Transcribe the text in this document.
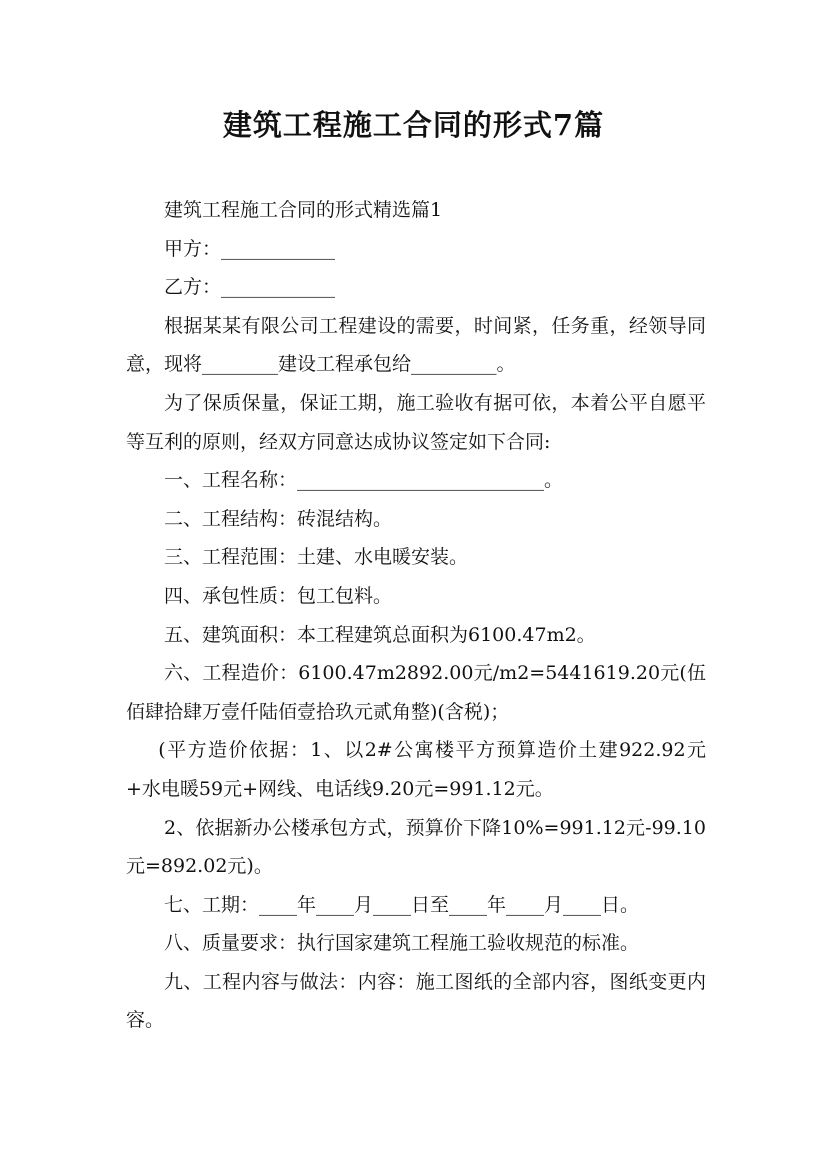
建筑工程施工合同的形式7篇

建筑工程施工合同的形式精选篇1

甲方：____________

乙方：____________

根据某某有限公司工程建设的需要，时间紧，任务重，经领导同意，现将________建设工程承包给_________。

为了保质保量，保证工期，施工验收有据可依，本着公平自愿平等互利的原则，经双方同意达成协议签定如下合同:

一、工程名称：__________________________。

二、工程结构：砖混结构。

三、工程范围：土建、水电暖安装。

四、承包性质：包工包料。

五、建筑面积：本工程建筑总面积为6100.47m2。

六、工程造价：6100.47m2892.00元/m2=5441619.20元(伍佰肆拾肆万壹仟陆佰壹拾玖元贰角整)(含税)；

(平方造价依据：1、以2#公寓楼平方预算造价土建922.92元+水电暖59元+网线、电话线9.20元=991.12元。

2、依据新办公楼承包方式，预算价下降10%=991.12元-99.10元=892.02元)。

七、工期：____年____月____日至____年____月____日。

八、质量要求：执行国家建筑工程施工验收规范的标准。

九、工程内容与做法：内容：施工图纸的全部内容，图纸变更内容。
